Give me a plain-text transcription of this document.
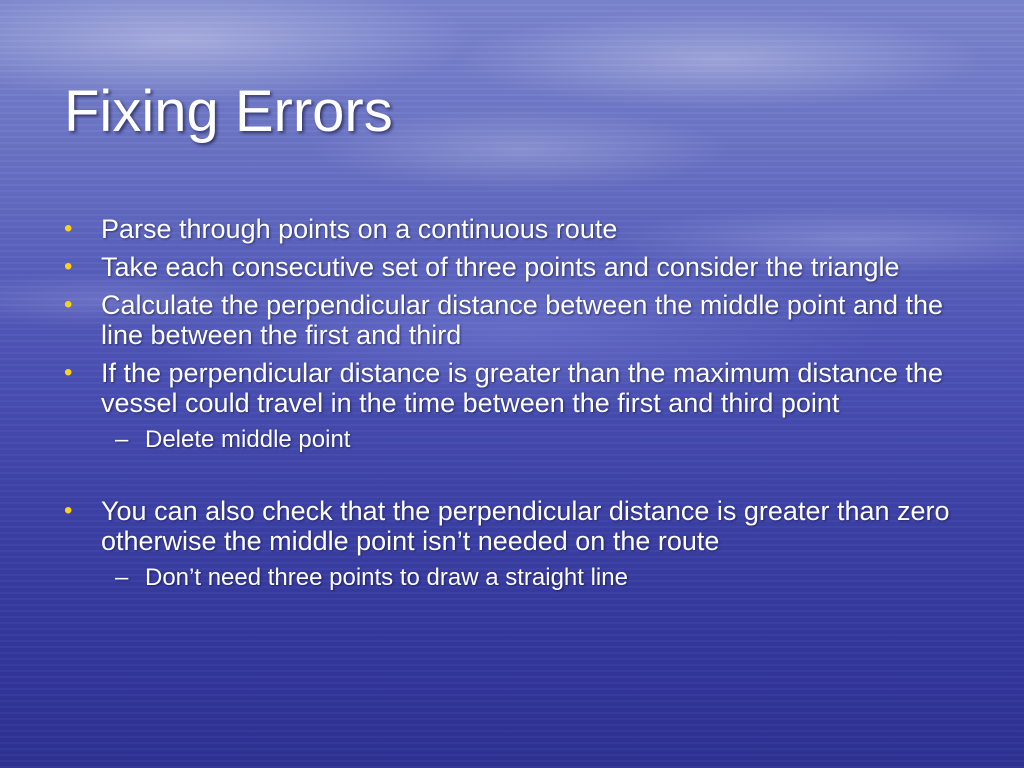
Fixing Errors
• Parse through points on a continuous route
• Take each consecutive set of three points and consider the triangle
• Calculate the perpendicular distance between the middle point and the line between the first and third
• If the perpendicular distance is greater than the maximum distance the vessel could travel in the time between the first and third point
– Delete middle point
• You can also check that the perpendicular distance is greater than zero otherwise the middle point isn’t needed on the route
– Don’t need three points to draw a straight line
